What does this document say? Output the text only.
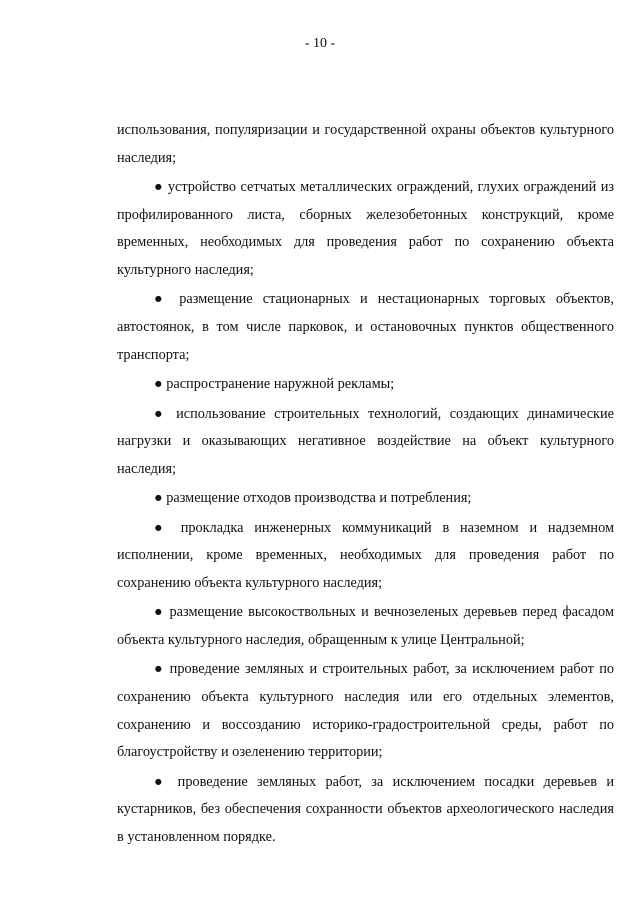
- 10 -

использования, популяризации и государственной охраны объектов культурного наследия;

● устройство сетчатых металлических ограждений, глухих ограждений из профилированного листа, сборных железобетонных конструкций, кроме временных, необходимых для проведения работ по сохранению объекта культурного наследия;

● размещение стационарных и нестационарных торговых объектов, автостоянок, в том числе парковок, и остановочных пунктов общественного транспорта;

● распространение наружной рекламы;

● использование строительных технологий, создающих динамические нагрузки и оказывающих негативное воздействие на объект культурного наследия;

● размещение отходов производства и потребления;

● прокладка инженерных коммуникаций в наземном и надземном исполнении, кроме временных, необходимых для проведения работ по сохранению объекта культурного наследия;

● размещение высокоствольных и вечнозеленых деревьев перед фасадом объекта культурного наследия, обращенным к улице Центральной;

● проведение земляных и строительных работ, за исключением работ по сохранению объекта культурного наследия или его отдельных элементов, сохранению и воссозданию историко-градостроительной среды, работ по благоустройству и озеленению территории;

● проведение земляных работ, за исключением посадки деревьев и кустарников, без обеспечения сохранности объектов археологического наследия в установленном порядке.
